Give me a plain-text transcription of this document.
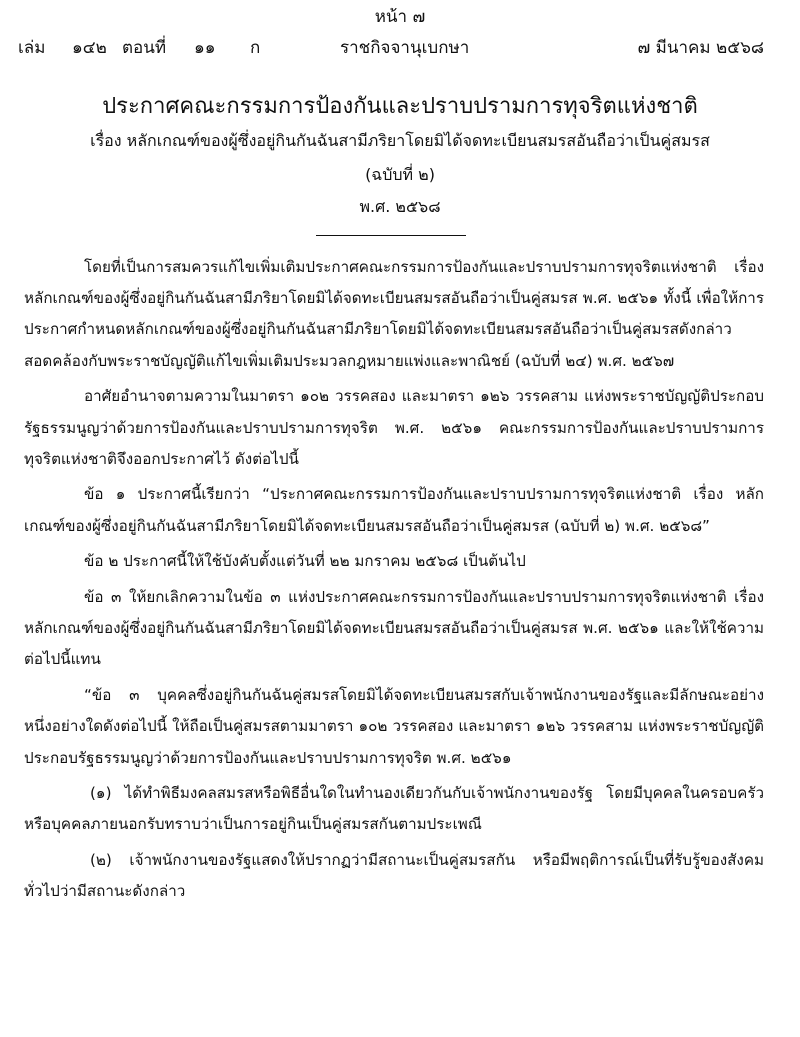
หน้า ๗
เล่ม ๑๔๒ ตอนที่ ๑๑ ก	ราชกิจจานุเบกษา	๗ มีนาคม ๒๕๖๘
ประกาศคณะกรรมการป้องกันและปราบปรามการทุจริตแห่งชาติ
เรื่อง หลักเกณฑ์ของผู้ซึ่งอยู่กินกันฉันสามีภริยาโดยมิได้จดทะเบียนสมรสอันถือว่าเป็นคู่สมรส
(ฉบับที่ ๒)
พ.ศ. ๒๕๖๘

โดยที่เป็นการสมควรแก้ไขเพิ่มเติมประกาศคณะกรรมการป้องกันและปราบปรามการทุจริตแห่งชาติ เรื่อง หลักเกณฑ์ของผู้ซึ่งอยู่กินกันฉันสามีภริยาโดยมิได้จดทะเบียนสมรสอันถือว่าเป็นคู่สมรส พ.ศ. ๒๕๖๑ ทั้งนี้ เพื่อให้การประกาศกำหนดหลักเกณฑ์ของผู้ซึ่งอยู่กินกันฉันสามีภริยาโดยมิได้จดทะเบียนสมรสอันถือว่าเป็นคู่สมรสดังกล่าว สอดคล้องกับพระราชบัญญัติแก้ไขเพิ่มเติมประมวลกฎหมายแพ่งและพาณิชย์ (ฉบับที่ ๒๔) พ.ศ. ๒๕๖๗

อาศัยอำนาจตามความในมาตรา ๑๐๒ วรรคสอง และมาตรา ๑๒๖ วรรคสาม แห่งพระราชบัญญัติประกอบรัฐธรรมนูญว่าด้วยการป้องกันและปราบปรามการทุจริต พ.ศ. ๒๕๖๑ คณะกรรมการป้องกันและปราบปรามการทุจริตแห่งชาติจึงออกประกาศไว้ ดังต่อไปนี้

ข้อ ๑ ประกาศนี้เรียกว่า “ประกาศคณะกรรมการป้องกันและปราบปรามการทุจริตแห่งชาติ เรื่อง หลักเกณฑ์ของผู้ซึ่งอยู่กินกันฉันสามีภริยาโดยมิได้จดทะเบียนสมรสอันถือว่าเป็นคู่สมรส (ฉบับที่ ๒) พ.ศ. ๒๕๖๘”

ข้อ ๒ ประกาศนี้ให้ใช้บังคับตั้งแต่วันที่ ๒๒ มกราคม ๒๕๖๘ เป็นต้นไป

ข้อ ๓ ให้ยกเลิกความในข้อ ๓ แห่งประกาศคณะกรรมการป้องกันและปราบปรามการทุจริตแห่งชาติ เรื่อง หลักเกณฑ์ของผู้ซึ่งอยู่กินกันฉันสามีภริยาโดยมิได้จดทะเบียนสมรสอันถือว่าเป็นคู่สมรส พ.ศ. ๒๕๖๑ และให้ใช้ความต่อไปนี้แทน

“ข้อ ๓ บุคคลซึ่งอยู่กินกันฉันคู่สมรสโดยมิได้จดทะเบียนสมรสกับเจ้าพนักงานของรัฐและมีลักษณะอย่างหนึ่งอย่างใดดังต่อไปนี้ ให้ถือเป็นคู่สมรสตามมาตรา ๑๐๒ วรรคสอง และมาตรา ๑๒๖ วรรคสาม แห่งพระราชบัญญัติประกอบรัฐธรรมนูญว่าด้วยการป้องกันและปราบปรามการทุจริต พ.ศ. ๒๕๖๑

(๑) ได้ทำพิธีมงคลสมรสหรือพิธีอื่นใดในทำนองเดียวกันกับเจ้าพนักงานของรัฐ โดยมีบุคคลในครอบครัวหรือบุคคลภายนอกรับทราบว่าเป็นการอยู่กินเป็นคู่สมรสกันตามประเพณี

(๒) เจ้าพนักงานของรัฐแสดงให้ปรากฏว่ามีสถานะเป็นคู่สมรสกัน หรือมีพฤติการณ์เป็นที่รับรู้ของสังคมทั่วไปว่ามีสถานะดังกล่าว
